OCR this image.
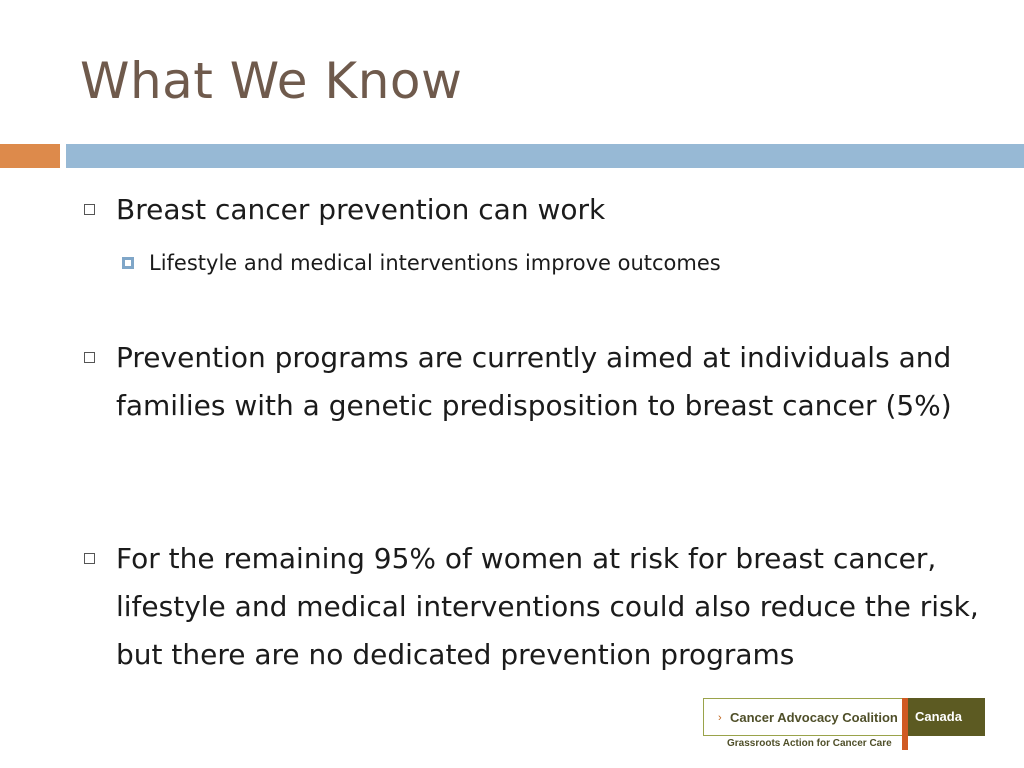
What We Know
Breast cancer prevention can work
Lifestyle and medical interventions improve outcomes
Prevention programs are currently aimed at individuals and families with a genetic predisposition to breast cancer (5%)
For the remaining 95% of women at risk for breast cancer, lifestyle and medical interventions could also reduce the risk, but there are no dedicated prevention programs
› Cancer Advocacy Coalition	Canada
Grassroots Action for Cancer Care
